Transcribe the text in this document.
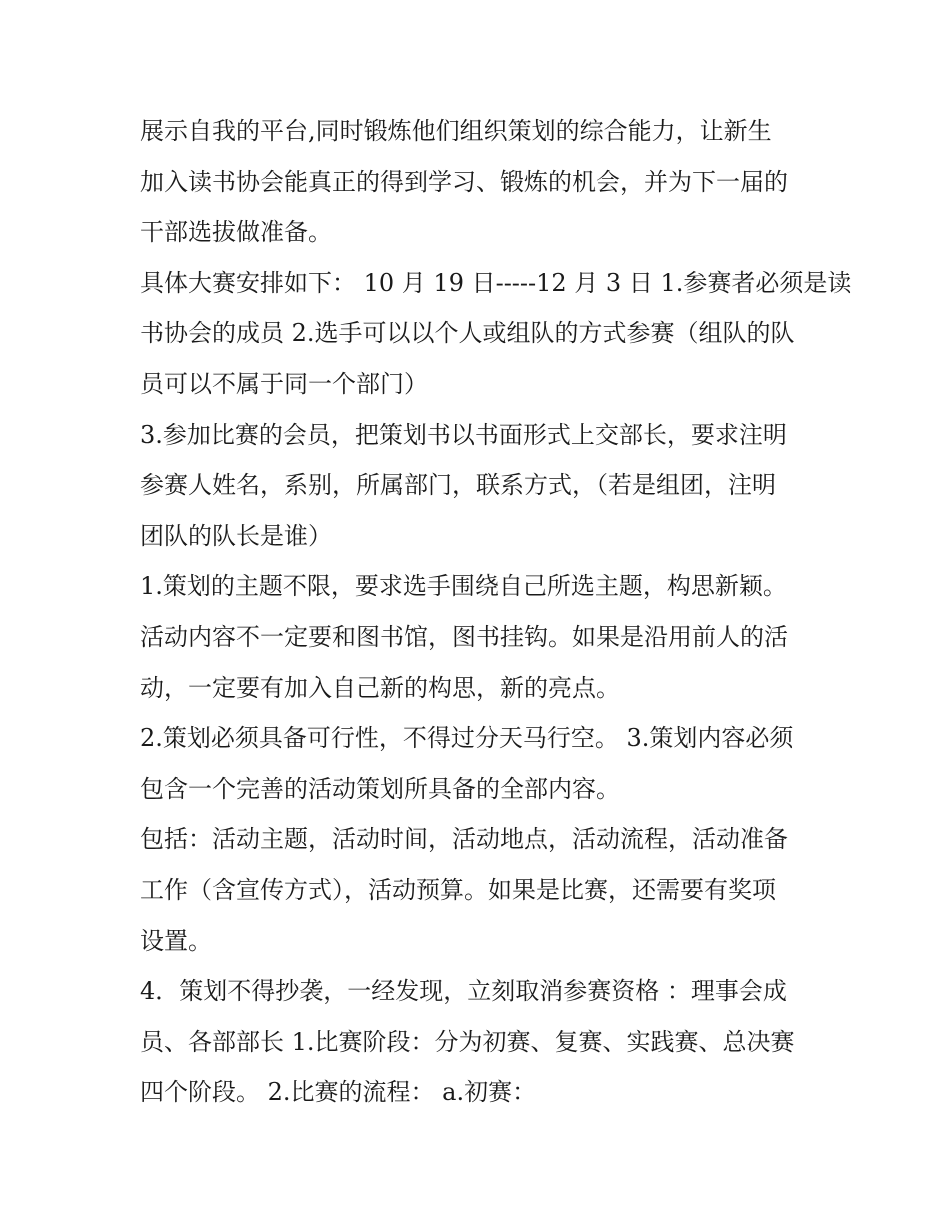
展示自我的平台,同时锻炼他们组织策划的综合能力，让新生
加入读书协会能真正的得到学习、锻炼的机会，并为下一届的
干部选拔做准备。
具体大赛安排如下： 10 月 19 日-----12 月 3 日 1.参赛者必须是读
书协会的成员 2.选手可以以个人或组队的方式参赛（组队的队
员可以不属于同一个部门）
3.参加比赛的会员，把策划书以书面形式上交部长，要求注明
参赛人姓名，系别，所属部门，联系方式，（若是组团，注明
团队的队长是谁）
1.策划的主题不限，要求选手围绕自己所选主题，构思新颖。
活动内容不一定要和图书馆，图书挂钩。如果是沿用前人的活
动，一定要有加入自己新的构思，新的亮点。
2.策划必须具备可行性，不得过分天马行空。 3.策划内容必须
包含一个完善的活动策划所具备的全部内容。
包括：活动主题，活动时间，活动地点，活动流程，活动准备
工作（含宣传方式），活动预算。如果是比赛，还需要有奖项
设置。
4．策划不得抄袭，一经发现，立刻取消参赛资格 ：理事会成
员、各部部长 1.比赛阶段：分为初赛、复赛、实践赛、总决赛
四个阶段。 2.比赛的流程： a.初赛：
